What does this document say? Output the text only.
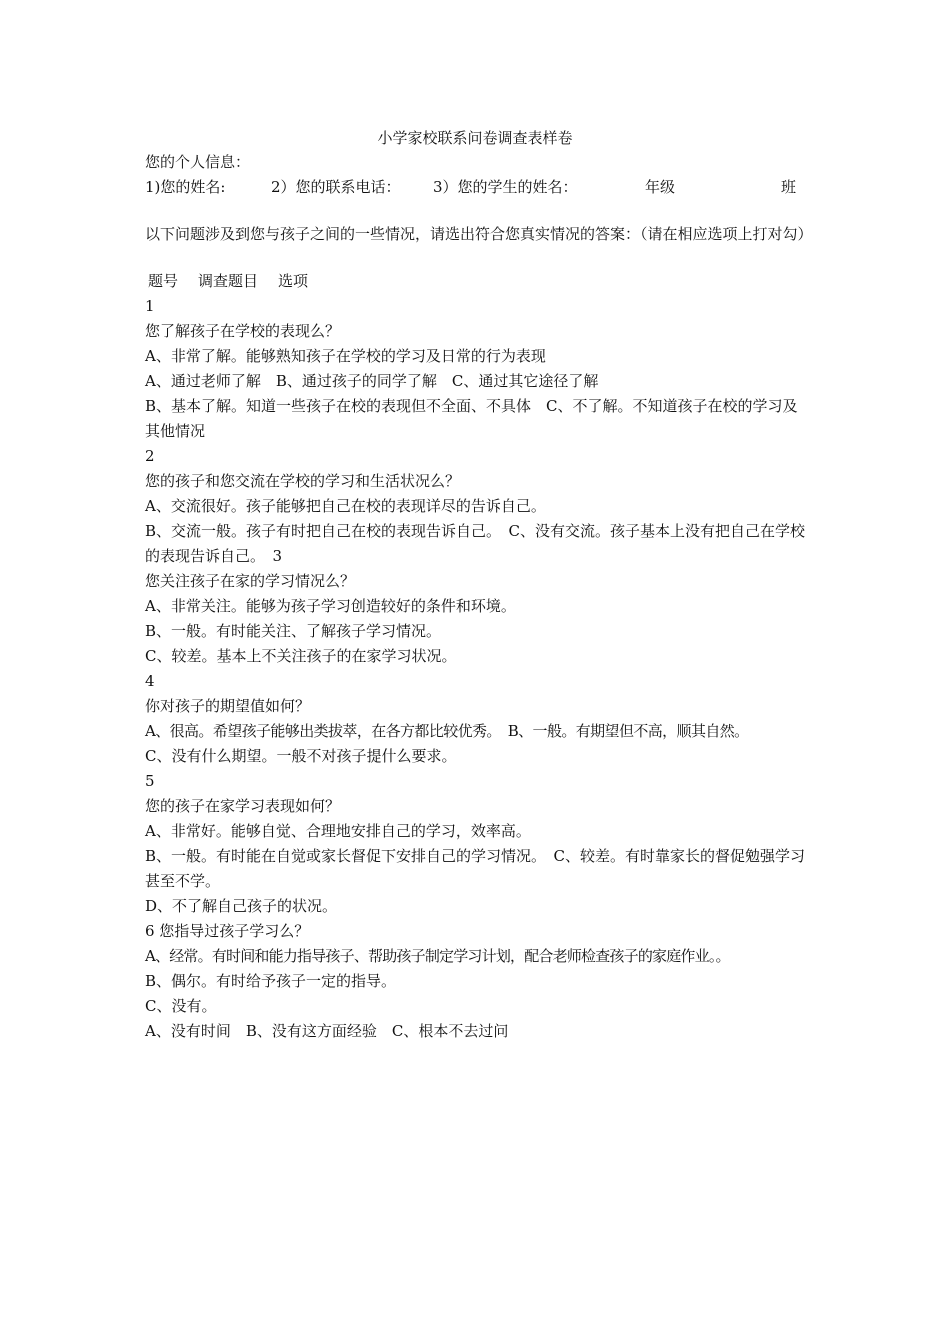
小学家校联系问卷调查表样卷
您的个人信息：
1)您的姓名:	2）您的联系电话： 3）您的学生的姓名：	年级	班
以下问题涉及到您与孩子之间的一些情况，请选出符合您真实情况的答案：（请在相应选项上打对勾）
题号 调查题目 选项
1
您了解孩子在学校的表现么？
A、非常了解。能够熟知孩子在学校的学习及日常的行为表现
A、通过老师了解　B、通过孩子的同学了解　C、通过其它途径了解
B、基本了解。知道一些孩子在校的表现但不全面、不具体　C、不了解。不知道孩子在校的学习及其他情况
2
您的孩子和您交流在学校的学习和生活状况么？
A、交流很好。孩子能够把自己在校的表现详尽的告诉自己。
B、交流一般。孩子有时把自己在校的表现告诉自己。　C、没有交流。孩子基本上没有把自己在学校的表现告诉自己。　3
您关注孩子在家的学习情况么？
A、非常关注。能够为孩子学习创造较好的条件和环境。
B、一般。有时能关注、了解孩子学习情况。
C、较差。基本上不关注孩子的在家学习状况。
4
你对孩子的期望值如何？
A、很高。希望孩子能够出类拔萃，在各方都比较优秀。　B、一般。有期望但不高，顺其自然。
C、没有什么期望。一般不对孩子提什么要求。
5
您的孩子在家学习表现如何？
A、非常好。能够自觉、合理地安排自己的学习，效率高。
B、一般。有时能在自觉或家长督促下安排自己的学习情况。　C、较差。有时靠家长的督促勉强学习甚至不学。
D、不了解自己孩子的状况。
6 您指导过孩子学习么？
A、经常。有时间和能力指导孩子、帮助孩子制定学习计划，配合老师检查孩子的家庭作业。。
B、偶尔。有时给予孩子一定的指导。
C、没有。
A、没有时间　B、没有这方面经验　C、根本不去过问
